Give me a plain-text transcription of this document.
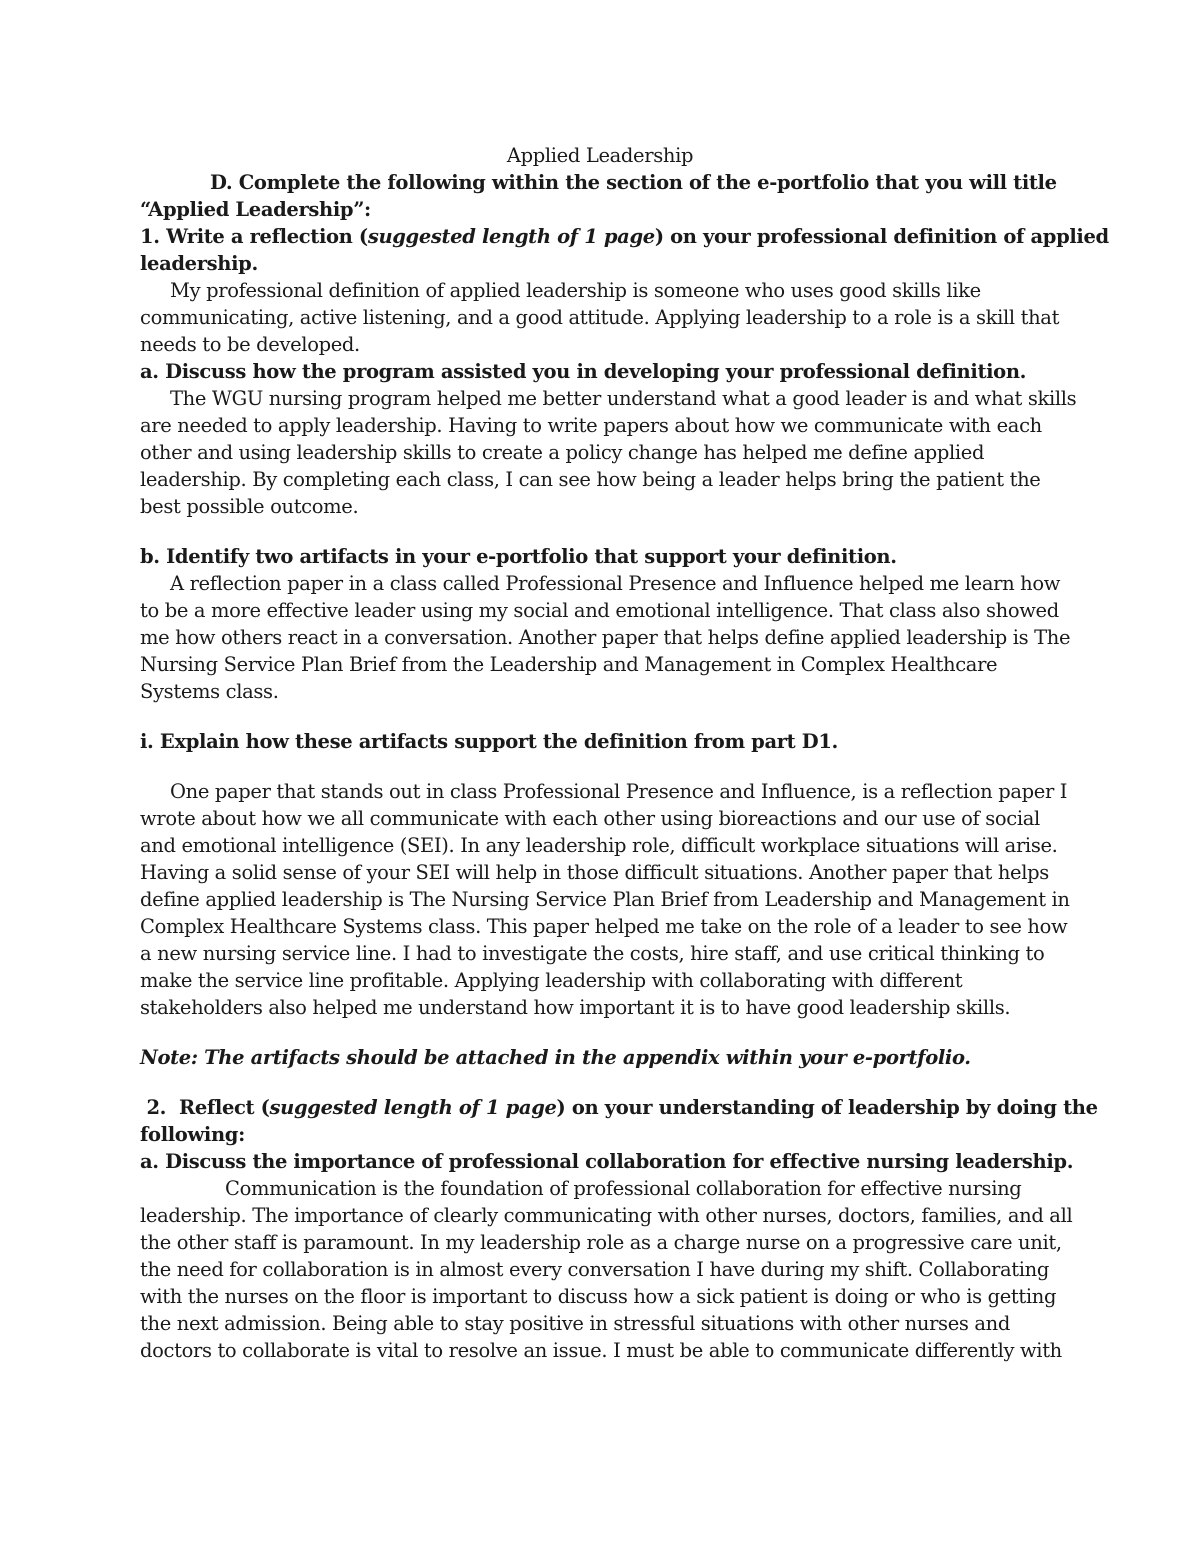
Applied Leadership

D. Complete the following within the section of the e-portfolio that you will title

“Applied Leadership”:

1. Write a reflection (suggested length of 1 page) on your professional definition of applied

leadership.

My professional definition of applied leadership is someone who uses good skills like

communicating, active listening, and a good attitude. Applying leadership to a role is a skill that

needs to be developed.

a. Discuss how the program assisted you in developing your professional definition.

The WGU nursing program helped me better understand what a good leader is and what skills

are needed to apply leadership. Having to write papers about how we communicate with each

other and using leadership skills to create a policy change has helped me define applied

leadership. By completing each class, I can see how being a leader helps bring the patient the

best possible outcome.

b. Identify two artifacts in your e-portfolio that support your definition.

A reflection paper in a class called Professional Presence and Influence helped me learn how

to be a more effective leader using my social and emotional intelligence. That class also showed

me how others react in a conversation. Another paper that helps define applied leadership is The

Nursing Service Plan Brief from the Leadership and Management in Complex Healthcare

Systems class.

i. Explain how these artifacts support the definition from part D1.

One paper that stands out in class Professional Presence and Influence, is a reflection paper I

wrote about how we all communicate with each other using bioreactions and our use of social

and emotional intelligence (SEI). In any leadership role, difficult workplace situations will arise.

Having a solid sense of your SEI will help in those difficult situations. Another paper that helps

define applied leadership is The Nursing Service Plan Brief from Leadership and Management in

Complex Healthcare Systems class. This paper helped me take on the role of a leader to see how

a new nursing service line. I had to investigate the costs, hire staff, and use critical thinking to

make the service line profitable. Applying leadership with collaborating with different

stakeholders also helped me understand how important it is to have good leadership skills.

Note: The artifacts should be attached in the appendix within your e-portfolio.

2.  Reflect (suggested length of 1 page) on your understanding of leadership by doing the

following:

a. Discuss the importance of professional collaboration for effective nursing leadership.

Communication is the foundation of professional collaboration for effective nursing

leadership. The importance of clearly communicating with other nurses, doctors, families, and all

the other staff is paramount. In my leadership role as a charge nurse on a progressive care unit,

the need for collaboration is in almost every conversation I have during my shift. Collaborating

with the nurses on the floor is important to discuss how a sick patient is doing or who is getting

the next admission. Being able to stay positive in stressful situations with other nurses and

doctors to collaborate is vital to resolve an issue. I must be able to communicate differently with
